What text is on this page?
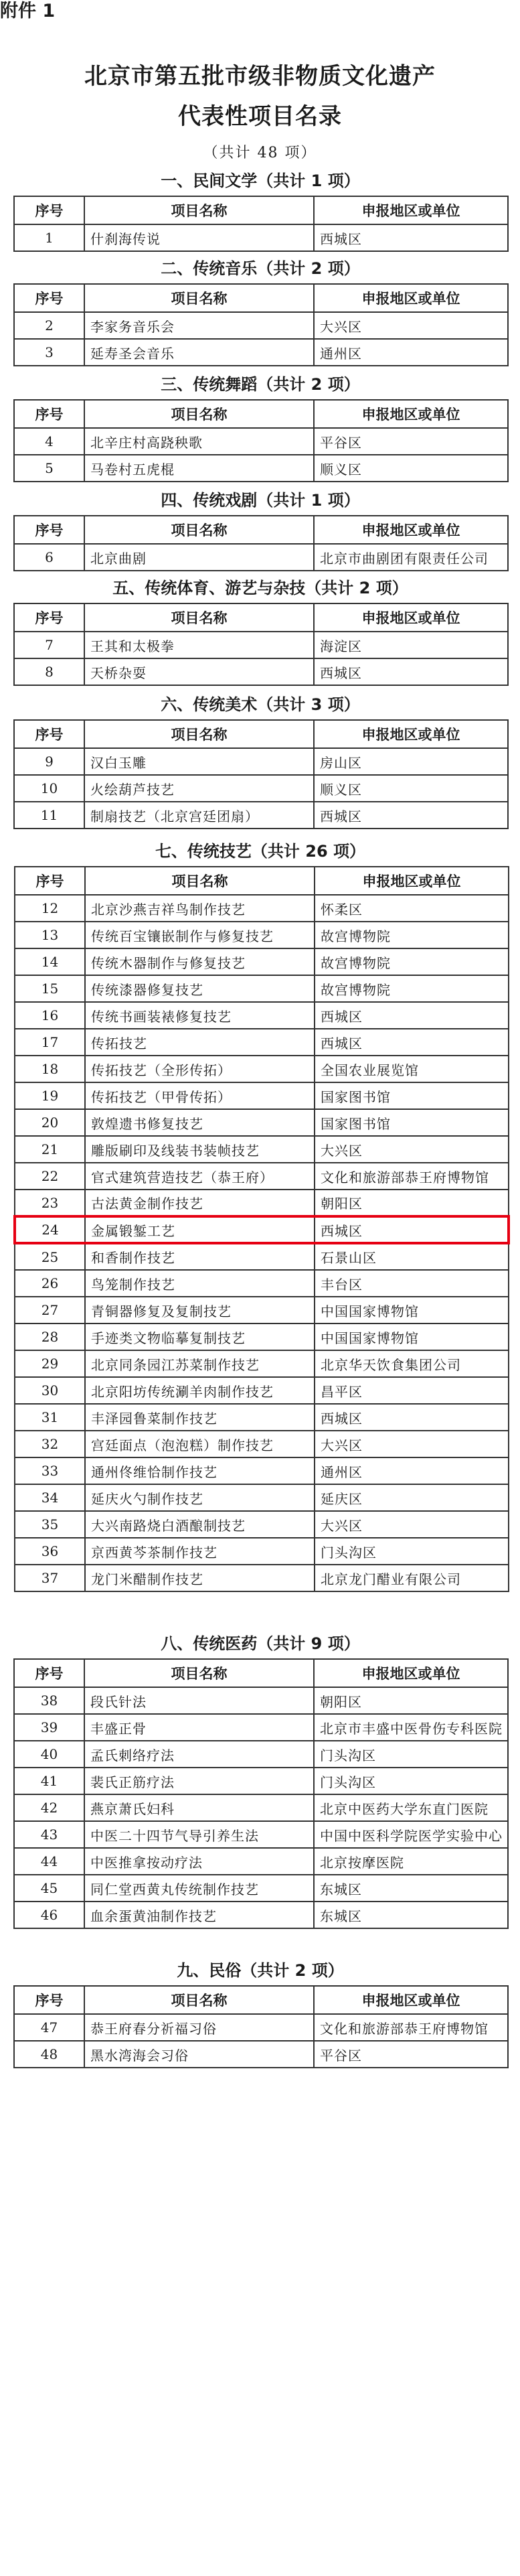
附件 1
北京市第五批市级非物质文化遗产
代表性项目名录
（共计 48 项）
一、民间文学（共计 1 项）
序号	项目名称	申报地区或单位
1	什刹海传说	西城区
二、传统音乐（共计 2 项）
序号	项目名称	申报地区或单位
2	李家务音乐会	大兴区
3	延寿圣会音乐	通州区
三、传统舞蹈（共计 2 项）
序号	项目名称	申报地区或单位
4	北辛庄村高跷秧歌	平谷区
5	马卷村五虎棍	顺义区
四、传统戏剧（共计 1 项）
序号	项目名称	申报地区或单位
6	北京曲剧	北京市曲剧团有限责任公司
五、传统体育、游艺与杂技（共计 2 项）
序号	项目名称	申报地区或单位
7	王其和太极拳	海淀区
8	天桥杂耍	西城区
六、传统美术（共计 3 项）
序号	项目名称	申报地区或单位
9	汉白玉雕	房山区
10	火绘葫芦技艺	顺义区
11	制扇技艺（北京宫廷团扇）	西城区
七、传统技艺（共计 26 项）
序号	项目名称	申报地区或单位
12	北京沙燕吉祥鸟制作技艺	怀柔区
13	传统百宝镶嵌制作与修复技艺	故宫博物院
14	传统木器制作与修复技艺	故宫博物院
15	传统漆器修复技艺	故宫博物院
16	传统书画装裱修复技艺	西城区
17	传拓技艺	西城区
18	传拓技艺（全形传拓）	全国农业展览馆
19	传拓技艺（甲骨传拓）	国家图书馆
20	敦煌遗书修复技艺	国家图书馆
21	雕版刷印及线装书装帧技艺	大兴区
22	官式建筑营造技艺（恭王府）	文化和旅游部恭王府博物馆
23	古法黄金制作技艺	朝阳区
24	金属锻錾工艺	西城区
25	和香制作技艺	石景山区
26	鸟笼制作技艺	丰台区
27	青铜器修复及复制技艺	中国国家博物馆
28	手迹类文物临摹复制技艺	中国国家博物馆
29	北京同条园江苏菜制作技艺	北京华天饮食集团公司
30	北京阳坊传统涮羊肉制作技艺	昌平区
31	丰泽园鲁菜制作技艺	西城区
32	宫廷面点（泡泡糕）制作技艺	大兴区
33	通州佟维恰制作技艺	通州区
34	延庆火勺制作技艺	延庆区
35	大兴南路烧白酒酿制技艺	大兴区
36	京西黄芩茶制作技艺	门头沟区
37	龙门米醋制作技艺	北京龙门醋业有限公司
八、传统医药（共计 9 项）
序号	项目名称	申报地区或单位
38	段氏针法	朝阳区
39	丰盛正骨	北京市丰盛中医骨伤专科医院
40	孟氏刺络疗法	门头沟区
41	裴氏正筋疗法	门头沟区
42	燕京萧氏妇科	北京中医药大学东直门医院
43	中医二十四节气导引养生法	中国中医科学院医学实验中心
44	中医推拿按动疗法	北京按摩医院
45	同仁堂西黄丸传统制作技艺	东城区
46	血余蛋黄油制作技艺	东城区
九、民俗（共计 2 项）
序号	项目名称	申报地区或单位
47	恭王府春分祈福习俗	文化和旅游部恭王府博物馆
48	黑水湾海会习俗	平谷区
